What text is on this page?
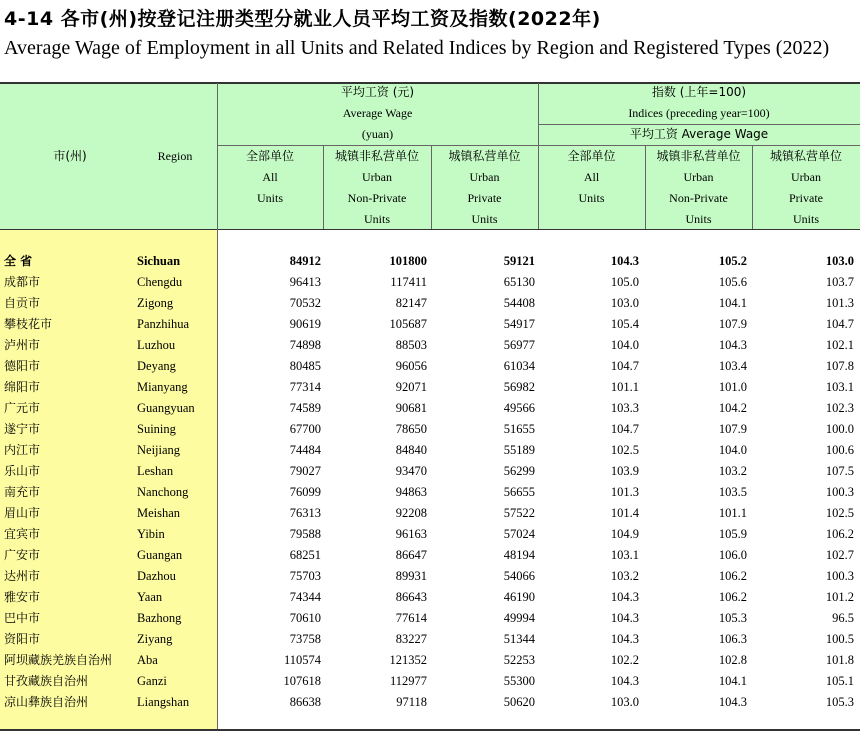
4-14 各市(州)按登记注册类型分就业人员平均工资及指数(2022年)
Average Wage of Employment in all Units and Related Indices by Region and Registered Types (2022)
市(州)	Region
平均工资 (元)
Average Wage
(yuan)
指数 (上年=100)
Indices (preceding year=100)
平均工资 Average Wage
全部单位
All
Units
城镇非私营单位
Urban
Non-Private
Units
城镇私营单位
Urban
Private
Units
全部单位
All
Units
城镇非私营单位
Urban
Non-Private
Units
城镇私营单位
Urban
Private
Units
全 省	Sichuan	84912	101800	59121	104.3	105.2	103.0
成都市	Chengdu	96413	117411	65130	105.0	105.6	103.7
自贡市	Zigong	70532	82147	54408	103.0	104.1	101.3
攀枝花市	Panzhihua	90619	105687	54917	105.4	107.9	104.7
泸州市	Luzhou	74898	88503	56977	104.0	104.3	102.1
德阳市	Deyang	80485	96056	61034	104.7	103.4	107.8
绵阳市	Mianyang	77314	92071	56982	101.1	101.0	103.1
广元市	Guangyuan	74589	90681	49566	103.3	104.2	102.3
遂宁市	Suining	67700	78650	51655	104.7	107.9	100.0
内江市	Neijiang	74484	84840	55189	102.5	104.0	100.6
乐山市	Leshan	79027	93470	56299	103.9	103.2	107.5
南充市	Nanchong	76099	94863	56655	101.3	103.5	100.3
眉山市	Meishan	76313	92208	57522	101.4	101.1	102.5
宜宾市	Yibin	79588	96163	57024	104.9	105.9	106.2
广安市	Guangan	68251	86647	48194	103.1	106.0	102.7
达州市	Dazhou	75703	89931	54066	103.2	106.2	100.3
雅安市	Yaan	74344	86643	46190	104.3	106.2	101.2
巴中市	Bazhong	70610	77614	49994	104.3	105.3	96.5
资阳市	Ziyang	73758	83227	51344	104.3	106.3	100.5
阿坝藏族羌族自治州 Aba	110574	121352	52253	102.2	102.8	101.8
甘孜藏族自治州	Ganzi	107618	112977	55300	104.3	104.1	105.1
凉山彝族自治州	Liangshan	86638	97118	50620	103.0	104.3	105.3
